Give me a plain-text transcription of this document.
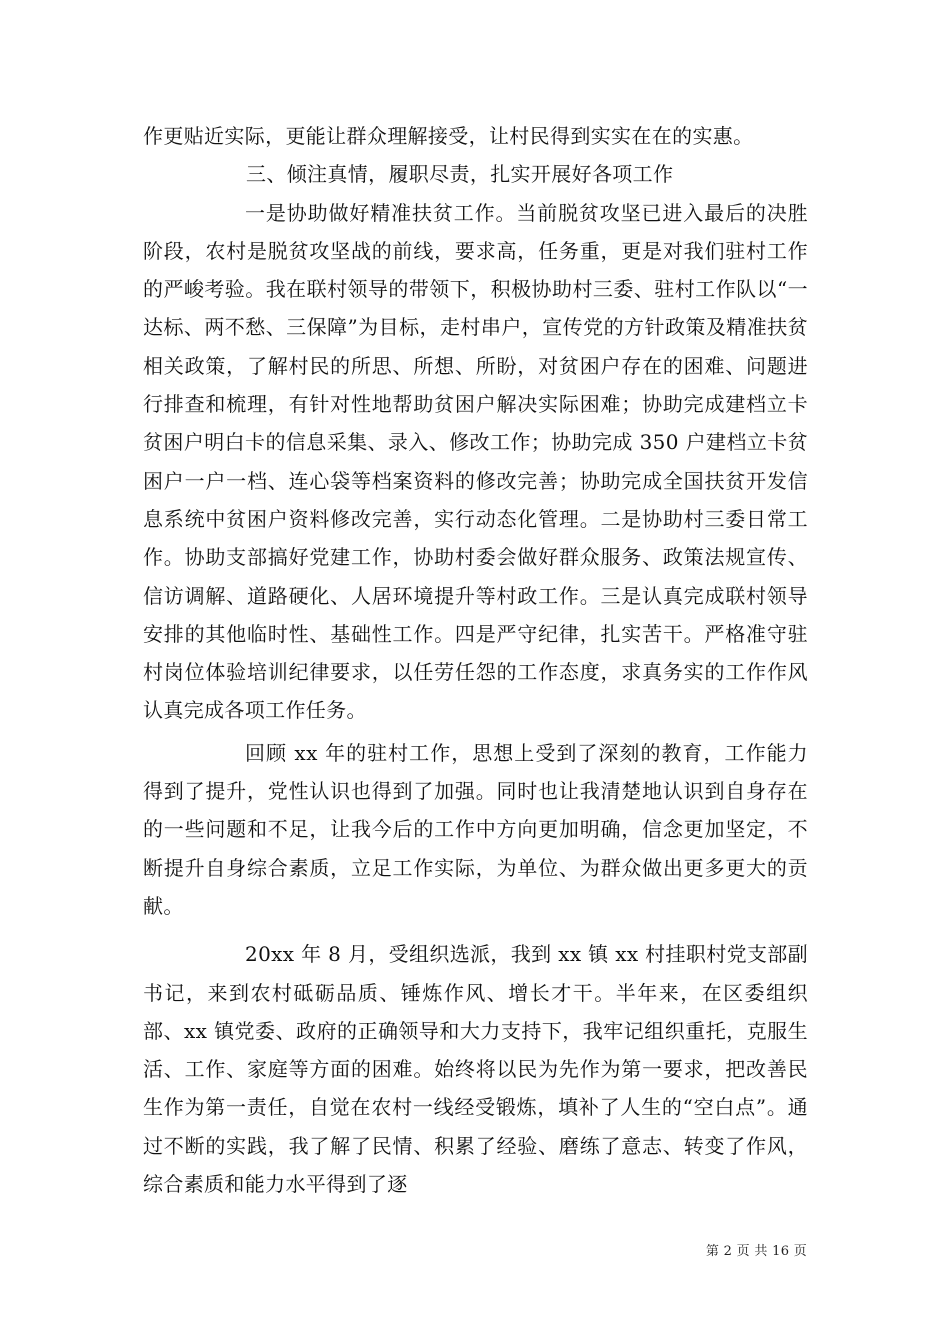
作更贴近实际，更能让群众理解接受，让村民得到实实在在的实惠。

三、倾注真情，履职尽责，扎实开展好各项工作

一是协助做好精准扶贫工作。当前脱贫攻坚已进入最后的决胜阶段，农村是脱贫攻坚战的前线，要求高，任务重，更是对我们驻村工作的严峻考验。我在联村领导的带领下，积极协助村三委、驻村工作队以“一达标、两不愁、三保障”为目标，走村串户，宣传党的方针政策及精准扶贫相关政策，了解村民的所思、所想、所盼，对贫困户存在的困难、问题进行排查和梳理，有针对性地帮助贫困户解决实际困难；协助完成建档立卡贫困户明白卡的信息采集、录入、修改工作；协助完成 350 户建档立卡贫困户一户一档、连心袋等档案资料的修改完善；协助完成全国扶贫开发信息系统中贫困户资料修改完善，实行动态化管理。二是协助村三委日常工作。协助支部搞好党建工作，协助村委会做好群众服务、政策法规宣传、信访调解、道路硬化、人居环境提升等村政工作。三是认真完成联村领导安排的其他临时性、基础性工作。四是严守纪律，扎实苦干。严格准守驻村岗位体验培训纪律要求，以任劳任怨的工作态度，求真务实的工作作风认真完成各项工作任务。

回顾 xx 年的驻村工作，思想上受到了深刻的教育，工作能力得到了提升，党性认识也得到了加强。同时也让我清楚地认识到自身存在的一些问题和不足，让我今后的工作中方向更加明确，信念更加坚定，不断提升自身综合素质，立足工作实际，为单位、为群众做出更多更大的贡献。

20xx 年 8 月，受组织选派，我到 xx 镇 xx 村挂职村党支部副书记，来到农村砥砺品质、锤炼作风、增长才干。半年来，在区委组织部、xx 镇党委、政府的正确领导和大力支持下，我牢记组织重托，克服生活、工作、家庭等方面的困难。始终将以民为先作为第一要求，把改善民生作为第一责任，自觉在农村一线经受锻炼，填补了人生的“空白点”。通过不断的实践，我了解了民情、积累了经验、磨练了意志、转变了作风，综合素质和能力水平得到了逐

第 2 页 共 16 页
